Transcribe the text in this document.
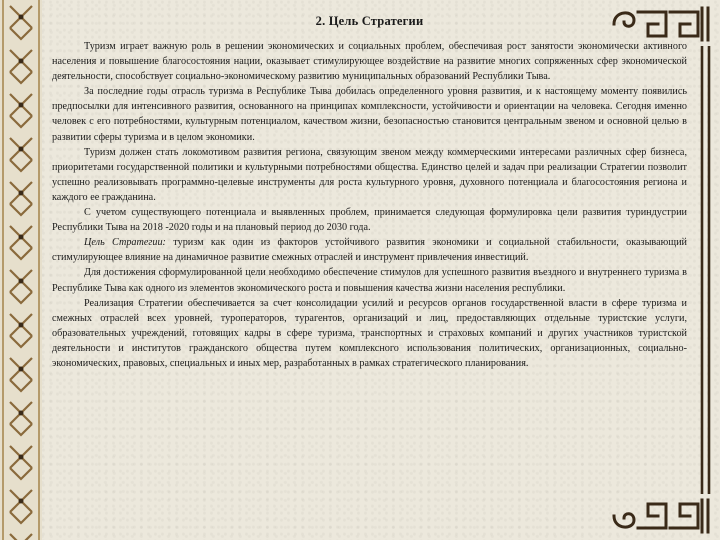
2. Цель Стратегии

Туризм играет важную роль в решении экономических и социальных проблем, обеспечивая рост занятости экономически активного населения и повышение благосостояния нации, оказывает стимулирующее воздействие на развитие многих сопряженных сфер экономической деятельности, способствует социально-экономическому развитию муниципальных образований Республики Тыва.

За последние годы отрасль туризма в Республике Тыва добилась определенного уровня развития, и к настоящему моменту появились предпосылки для интенсивного развития, основанного на принципах комплексности, устойчивости и ориентации на человека. Сегодня именно человек с его потребностями, культурным потенциалом, качеством жизни, безопасностью становится центральным звеном и основной целью в развитии сферы туризма и в целом экономики.

Туризм должен стать локомотивом развития региона, связующим звеном между коммерческими интересами различных сфер бизнеса, приоритетами государственной политики и культурными потребностями общества. Единство целей и задач при реализации Стратегии позволит успешно реализовывать программно-целевые инструменты для роста культурного уровня, духовного потенциала и благосостояния региона и каждого ее гражданина.

С учетом существующего потенциала и выявленных проблем, принимается следующая формулировка цели развития туриндустрии Республики Тыва на 2018 -2020 годы и на плановый период до 2030 года.

Цель Стратегии: туризм как один из факторов устойчивого развития экономики и социальной стабильности, оказывающий стимулирующее влияние на динамичное развитие смежных отраслей и инструмент привлечения инвестиций.

Для достижения сформулированной цели необходимо обеспечение стимулов для успешного развития въездного и внутреннего туризма в Республике Тыва как одного из элементов экономического роста и повышения качества жизни населения республики.

Реализация Стратегии обеспечивается за счет консолидации усилий и ресурсов органов государственной власти в сфере туризма и смежных отраслей всех уровней, туроператоров, турагентов, организаций и лиц, предоставляющих отдельные туристские услуги, образовательных учреждений, готовящих кадры в сфере туризма, транспортных и страховых компаний и других участников туристской деятельности и институтов гражданского общества путем комплексного использования политических, организационных, социально-экономических, правовых, специальных и иных мер, разработанных в рамках стратегического планирования.
